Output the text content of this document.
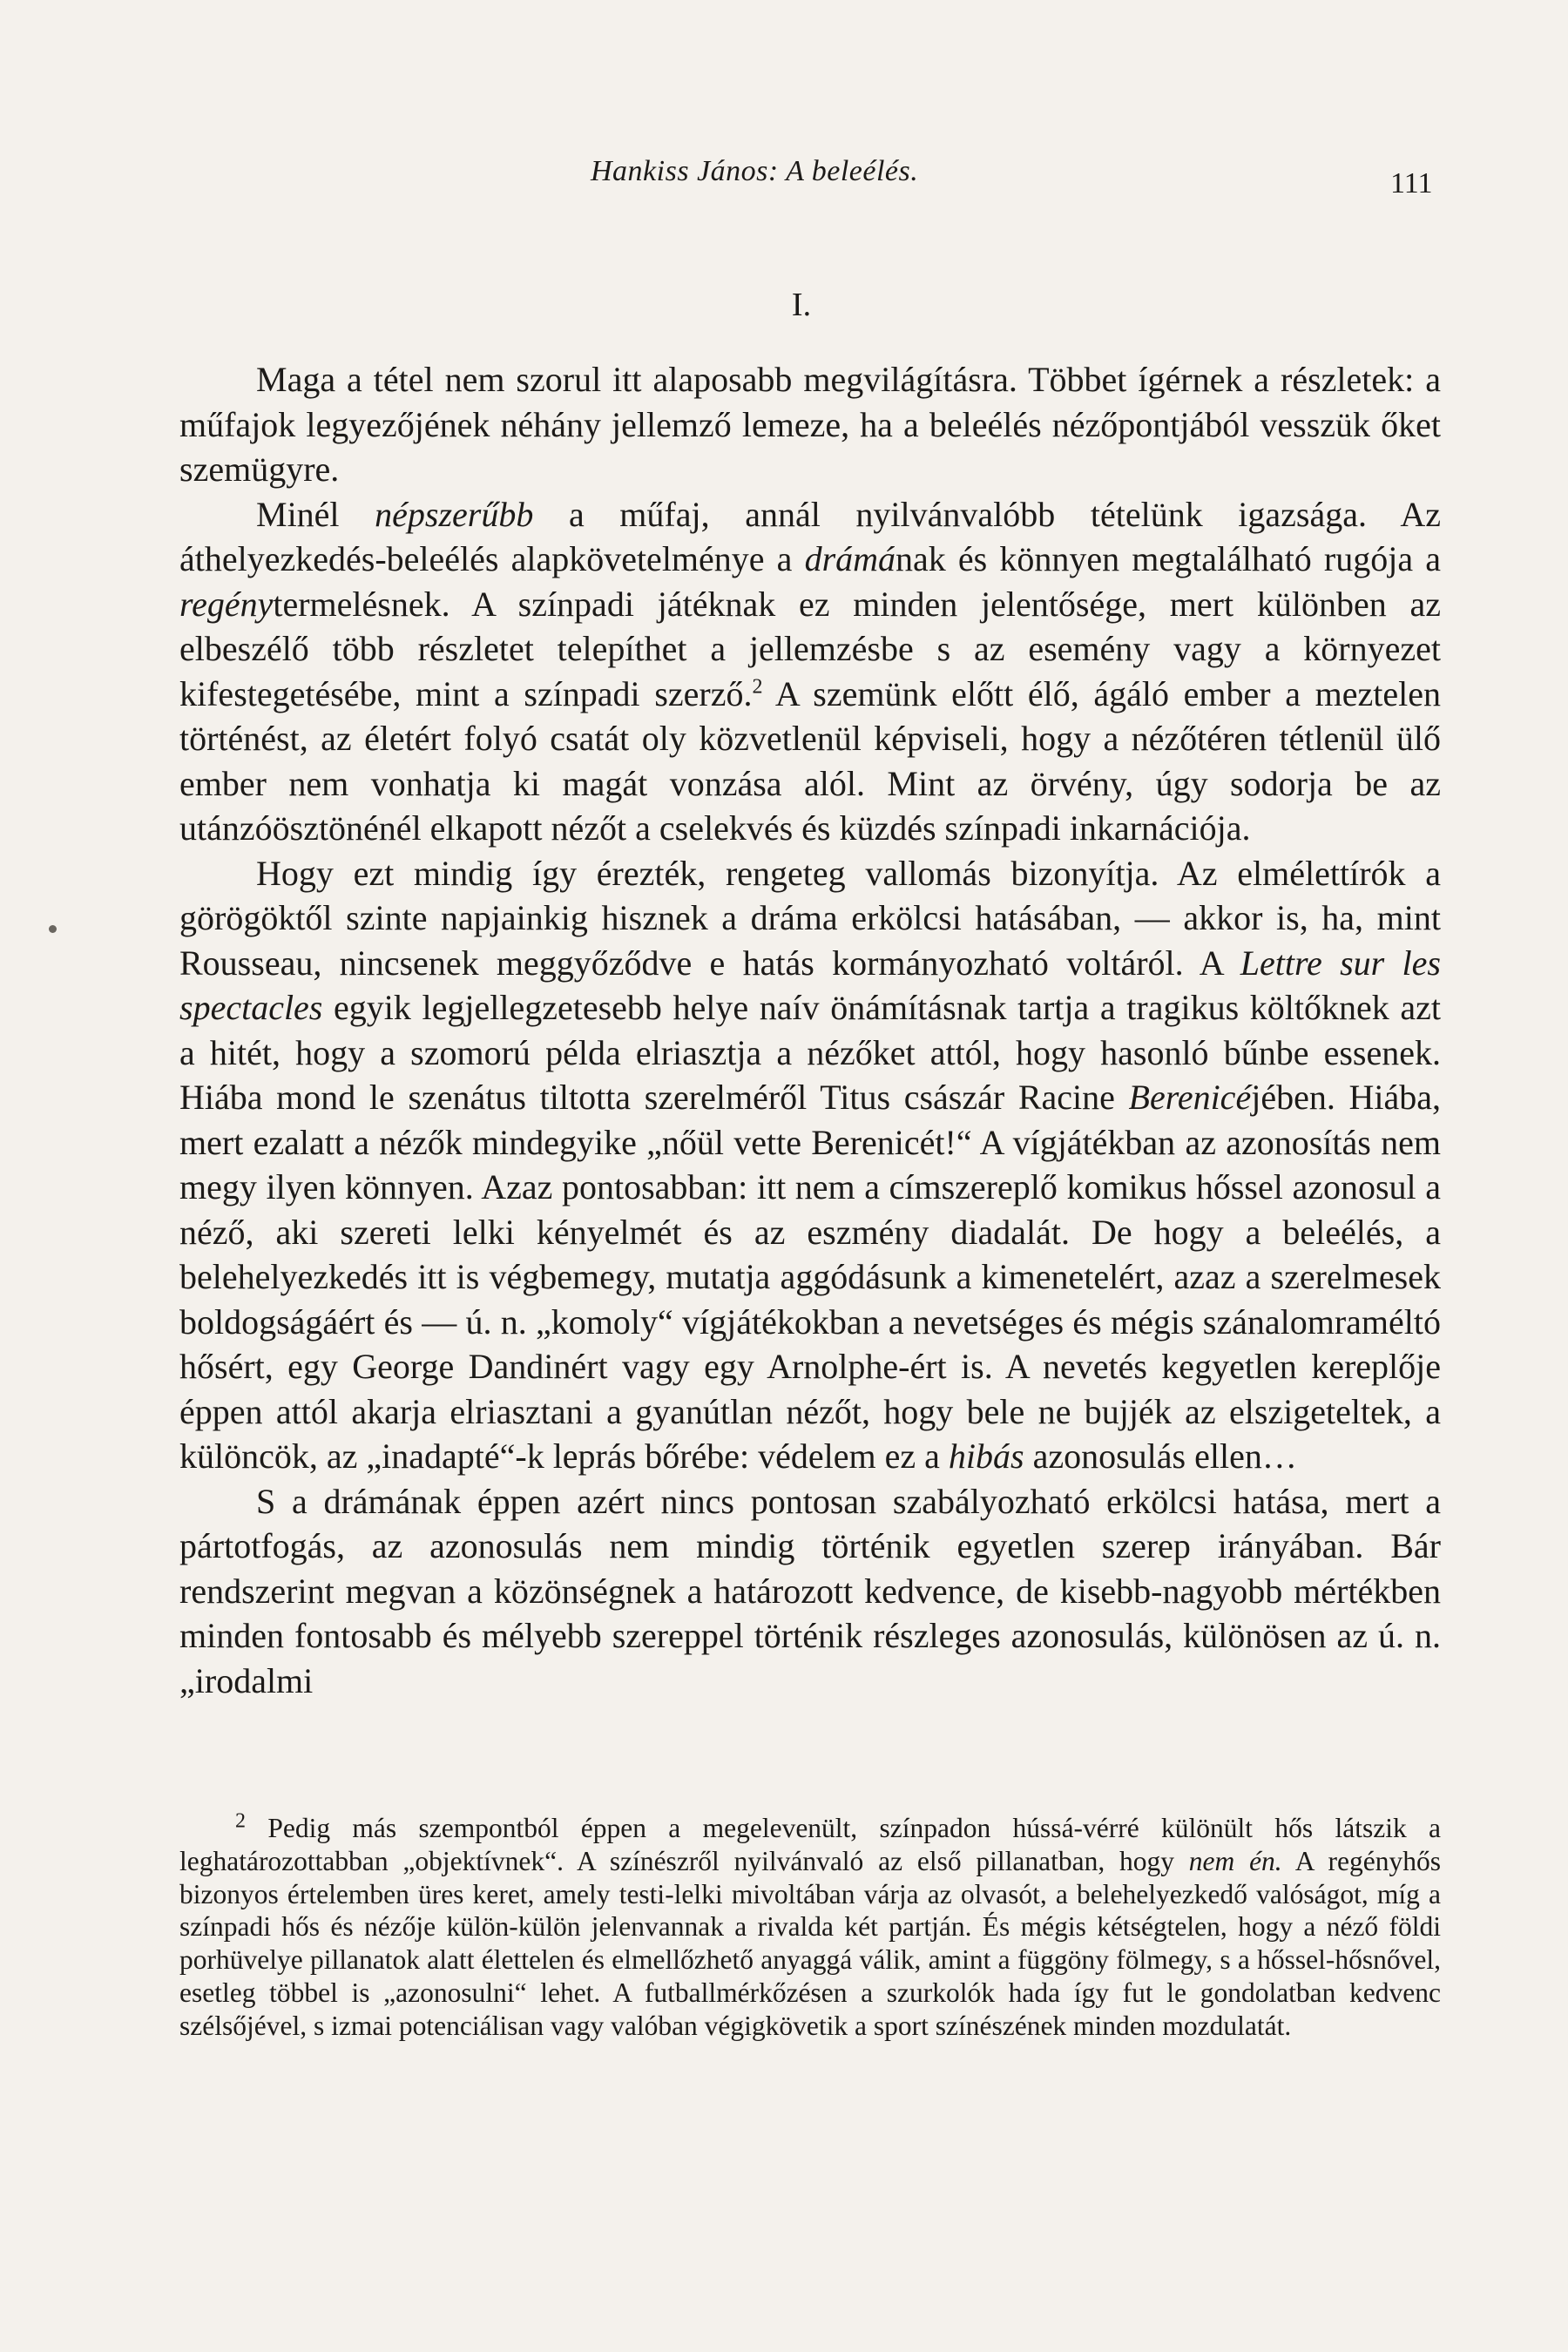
Hankiss János: A beleélés.	111
I.

Maga a tétel nem szorul itt alaposabb megvilágításra. Többet ígérnek a részletek: a műfajok legyezőjének néhány jellemző lemeze, ha a beleélés nézőpontjából vesszük őket szemügyre.

Minél népszerűbb a műfaj, annál nyilvánvalóbb tételünk igazsága. Az áthelyezkedés-beleélés alapkövetelménye a drámának és könnyen megtalálható rugója a regénytermelésnek. A színpadi játéknak ez minden jelentősége, mert különben az elbeszélő több részletet telepíthet a jellemzésbe s az esemény vagy a környezet kifestegetésébe, mint a színpadi szerző.$^2$ A szemünk előtt élő, ágáló ember a meztelen történést, az életért folyó csatát oly közvetlenül képviseli, hogy a nézőtéren tétlenül ülő ember nem vonhatja ki magát vonzása alól. Mint az örvény, úgy sodorja be az utánzóösztönénél elkapott nézőt a cselekvés és küzdés színpadi inkarnációja.

Hogy ezt mindig így érezték, rengeteg vallomás bizonyítja. Az elmélettírók a görögöktől szinte napjainkig hisznek a dráma erkölcsi hatásában, — akkor is, ha, mint Rousseau, nincsenek meggyőződve e hatás kormányozható voltáról. A Lettre sur les spectacles egyik legjellegzetesebb helye naív önámításnak tartja a tragikus költőknek azt a hitét, hogy a szomorú példa elriasztja a nézőket attól, hogy hasonló bűnbe essenek. Hiába mond le szenátus tiltotta szerelméről Titus császár Racine Berenicéjében. Hiába, mert ezalatt a nézők mindegyike „nőül vette Berenicét!“ A vígjátékban az azonosítás nem megy ilyen könnyen. Azaz pontosabban: itt nem a címszereplő komikus hőssel azonosul a néző, aki szereti lelki kényelmét és az eszmény diadalát. De hogy a beleélés, a belehelyezkedés itt is végbemegy, mutatja aggódásunk a kimenetelért, azaz a szerelmesek boldogságáért és — ú. n. „komoly“ vígjátékokban a nevetséges és mégis szánalomraméltó hősért, egy George Dandinért vagy egy Arnolphe-ért is. A nevetés kegyetlen kereplője éppen attól akarja elriasztani a gyanútlan nézőt, hogy bele ne bujjék az elszigeteltek, a különcök, az „inadapté“-k leprás bőrébe: védelem ez a hibás azonosulás ellen…

S a drámának éppen azért nincs pontosan szabályozható erkölcsi hatása, mert a pártotfogás, az azonosulás nem mindig történik egyetlen szerep irányában. Bár rendszerint megvan a közönségnek a határozott kedvence, de kisebb-nagyobb mértékben minden fontosabb és mélyebb szereppel történik részleges azonosulás, különösen az ú. n. „irodalmi

$^2$ Pedig más szempontból éppen a megelevenült, színpadon hússá-vérré különült hős látszik a leghatározottabban „objektívnek“. A színészről nyilvánvaló az első pillanatban, hogy nem én. A regényhős bizonyos értelemben üres keret, amely testi-lelki mivoltában várja az olvasót, a belehelyezkedő valóságot, míg a színpadi hős és nézője külön-külön jelenvannak a rivalda két partján. És mégis kétségtelen, hogy a néző földi porhüvelye pillanatok alatt élettelen és elmellőzhető anyaggá válik, amint a függöny fölmegy, s a hőssel-hősnővel, esetleg többel is „azonosulni“ lehet. A futballmérkőzésen a szurkolók hada így fut le gondolatban kedvenc szélsőjével, s izmai potenciálisan vagy valóban végigkövetik a sport színészének minden mozdulatát.
